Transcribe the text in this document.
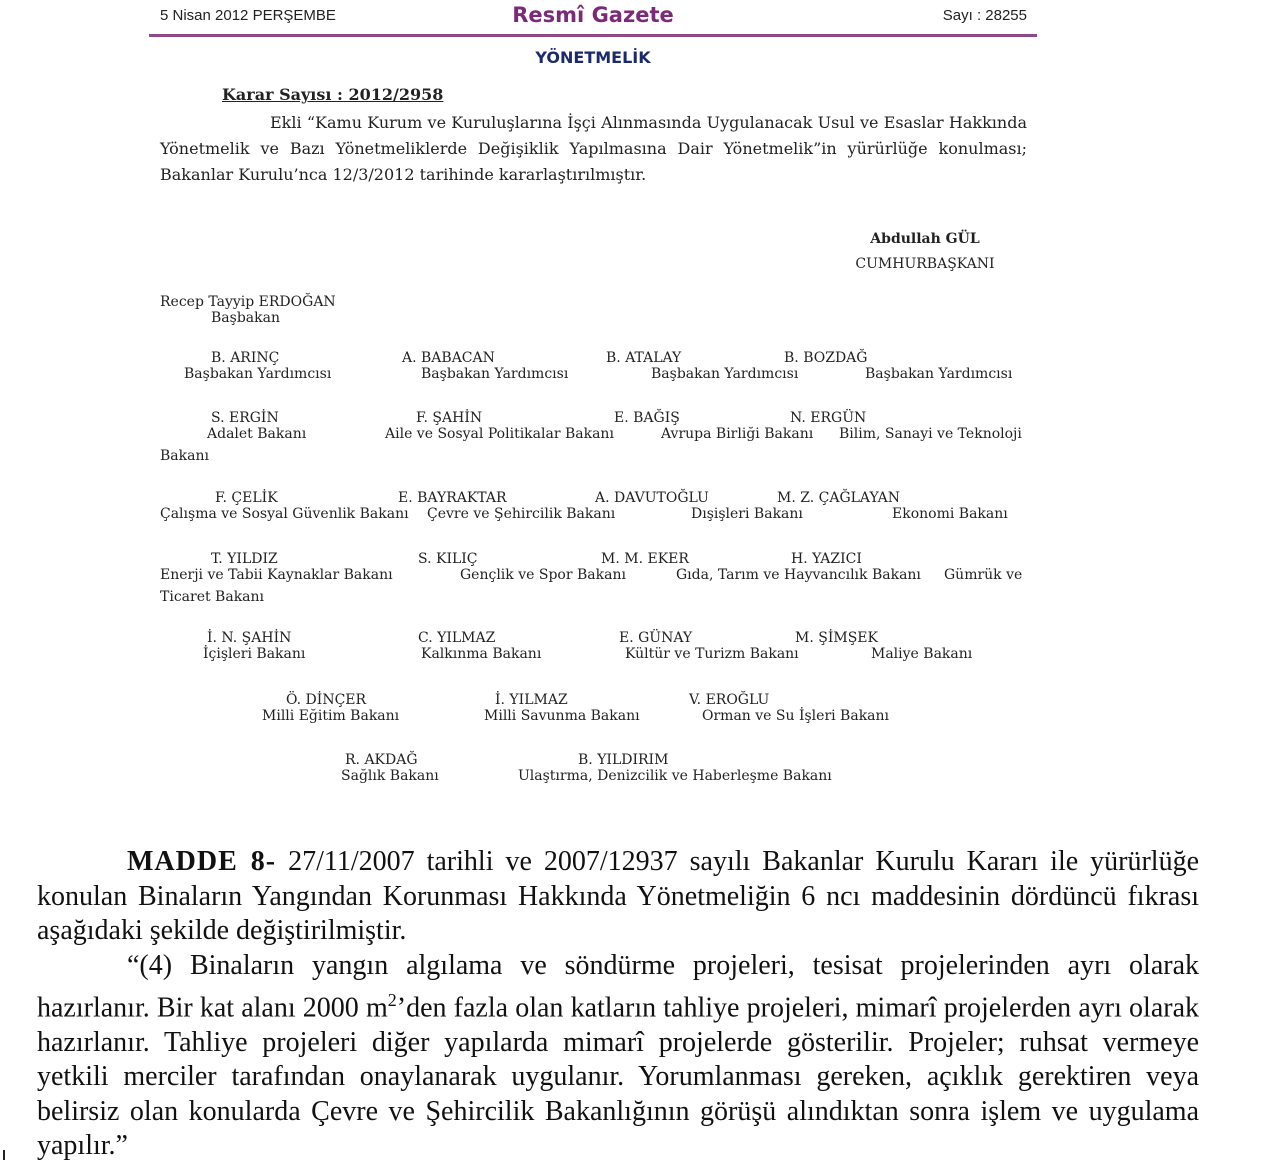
5 Nisan 2012 PERŞEMBE	Resmî Gazete	Sayı : 28255
YÖNETMELİK
Karar Sayısı : 2012/2958
Ekli “Kamu Kurum ve Kuruluşlarına İşçi Alınmasında Uygulanacak Usul ve Esaslar Hakkında Yönetmelik ve Bazı Yönetmeliklerde Değişiklik Yapılmasına Dair Yönetmelik”in yürürlüğe konulması; Bakanlar Kurulu’nca 12/3/2012 tarihinde kararlaştırılmıştır.
Abdullah GÜL
CUMHURBAŞKANI
Recep Tayyip ERDOĞAN
Başbakan
B. ARINÇ
Başbakan Yardımcısı
A. BABACAN
Başbakan Yardımcısı
B. ATALAY
Başbakan Yardımcısı
B. BOZDAĞ
Başbakan Yardımcısı
S. ERGİN
Adalet Bakanı
F. ŞAHİN
Aile ve Sosyal Politikalar Bakanı
E. BAĞIŞ
Avrupa Birliği Bakanı
N. ERGÜN
Bilim, Sanayi ve Teknoloji
Bakanı
F. ÇELİK
Çalışma ve Sosyal Güvenlik Bakanı
E. BAYRAKTAR
Çevre ve Şehircilik Bakanı
A. DAVUTOĞLU
Dışişleri Bakanı
M. Z. ÇAĞLAYAN
Ekonomi Bakanı
T. YILDIZ
Enerji ve Tabii Kaynaklar Bakanı
S. KILIÇ
Gençlik ve Spor Bakanı
M. M. EKER
Gıda, Tarım ve Hayvancılık Bakanı
H. YAZICI
Gümrük ve
Ticaret Bakanı
İ. N. ŞAHİN
İçişleri Bakanı
C. YILMAZ
Kalkınma Bakanı
E. GÜNAY
Kültür ve Turizm Bakanı
M. ŞİMŞEK
Maliye Bakanı
Ö. DİNÇER
Milli Eğitim Bakanı
İ. YILMAZ
Milli Savunma Bakanı
V. EROĞLU
Orman ve Su İşleri Bakanı
R. AKDAĞ
Sağlık Bakanı
B. YILDIRIM
Ulaştırma, Denizcilik ve Haberleşme Bakanı

MADDE 8- 27/11/2007 tarihli ve 2007/12937 sayılı Bakanlar Kurulu Kararı ile yürürlüğe konulan Binaların Yangından Korunması Hakkında Yönetmeliğin 6 ncı maddesinin dördüncü fıkrası aşağıdaki şekilde değiştirilmiştir.

“(4) Binaların yangın algılama ve söndürme projeleri, tesisat projelerinden ayrı olarak hazırlanır. Bir kat alanı 2000 $m^2’den$ fazla olan katların tahliye projeleri, mimarî projelerden ayrı olarak hazırlanır. Tahliye projeleri diğer yapılarda mimarî projelerde gösterilir. Projeler; ruhsat vermeye yetkili merciler tarafından onaylanarak uygulanır. Yorumlanması gereken, açıklık gerektiren veya belirsiz olan konularda Çevre ve Şehircilik Bakanlığının görüşü alındıktan sonra işlem ve uygulama yapılır.”
